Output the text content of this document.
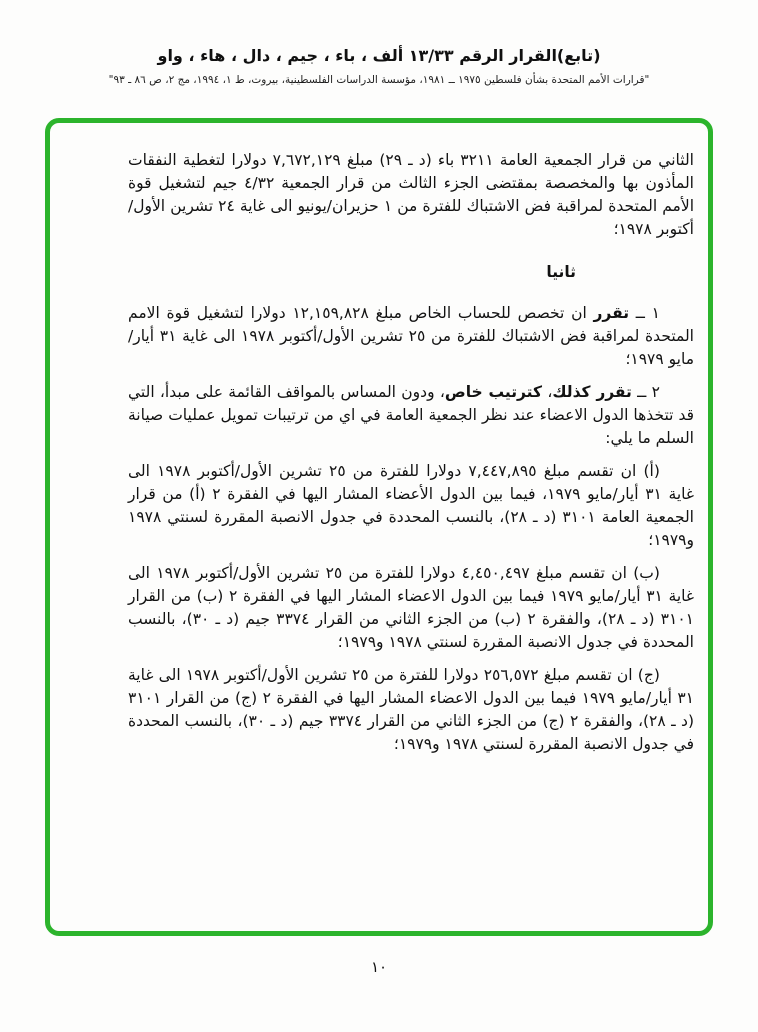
(تابع)القرار الرقم ١٣/٣٣ ألف ، باء ، جيم ، دال ، هاء ، واو
"قرارات الأمم المتحدة بشأن فلسطين ١٩٧٥ ــ ١٩٨١، مؤسسة الدراسات الفلسطينية، بيروت، ط ١، ١٩٩٤، مج ٢، ص ٨٦ ـ ٩٣"

الثاني من قرار الجمعية العامة ٣٢١١ باء (د ـ ٢٩) مبلغ ٧,٦٧٢,١٢٩ دولارا لتغطية النفقات المأذون بها والمخصصة بمقتضى الجزء الثالث من قرار الجمعية ٤/٣٢ جيم لتشغيل قوة الأمم المتحدة لمراقبة فض الاشتباك للفترة من ١ حزيران/يونيو الى غاية ٢٤ تشرين الأول/أكتوبر ١٩٧٨؛

ثانيا

١ ــ تقرر ان تخصص للحساب الخاص مبلغ ١٢,١٥٩,٨٢٨ دولارا لتشغيل قوة الامم المتحدة لمراقبة فض الاشتباك للفترة من ٢٥ تشرين الأول/أكتوبر ١٩٧٨ الى غاية ٣١ أيار/مايو ١٩٧٩؛

٢ ــ تقرر كذلك، كترتيب خاص، ودون المساس بالمواقف القائمة على مبدأ، التي قد تتخذها الدول الاعضاء عند نظر الجمعية العامة في اي من ترتيبات تمويل عمليات صيانة السلم ما يلي:

(أ) ان تقسم مبلغ ٧,٤٤٧,٨٩٥ دولارا للفترة من ٢٥ تشرين الأول/أكتوبر ١٩٧٨ الى غاية ٣١ أيار/مايو ١٩٧٩، فيما بين الدول الأعضاء المشار اليها في الفقرة ٢ (أ) من قرار الجمعية العامة ٣١٠١ (د ـ ٢٨)، بالنسب المحددة في جدول الانصبة المقررة لسنتي ١٩٧٨ و١٩٧٩؛

(ب) ان تقسم مبلغ ٤,٤٥٠,٤٩٧ دولارا للفترة من ٢٥ تشرين الأول/أكتوبر ١٩٧٨ الى غاية ٣١ أيار/مايو ١٩٧٩ فيما بين الدول الاعضاء المشار اليها في الفقرة ٢ (ب) من القرار ٣١٠١ (د ـ ٢٨)، والفقرة ٢ (ب) من الجزء الثاني من القرار ٣٣٧٤ جيم (د ـ ٣٠)، بالنسب المحددة في جدول الانصبة المقررة لسنتي ١٩٧٨ و١٩٧٩؛

(ج) ان تقسم مبلغ ٢٥٦,٥٧٢ دولارا للفترة من ٢٥ تشرين الأول/أكتوبر ١٩٧٨ الى غاية ٣١ أيار/مايو ١٩٧٩ فيما بين الدول الاعضاء المشار اليها في الفقرة ٢ (ج) من القرار ٣١٠١ (د ـ ٢٨)، والفقرة ٢ (ج) من الجزء الثاني من القرار ٣٣٧٤ جيم (د ـ ٣٠)، بالنسب المحددة في جدول الانصبة المقررة لسنتي ١٩٧٨ و١٩٧٩؛

١٠
